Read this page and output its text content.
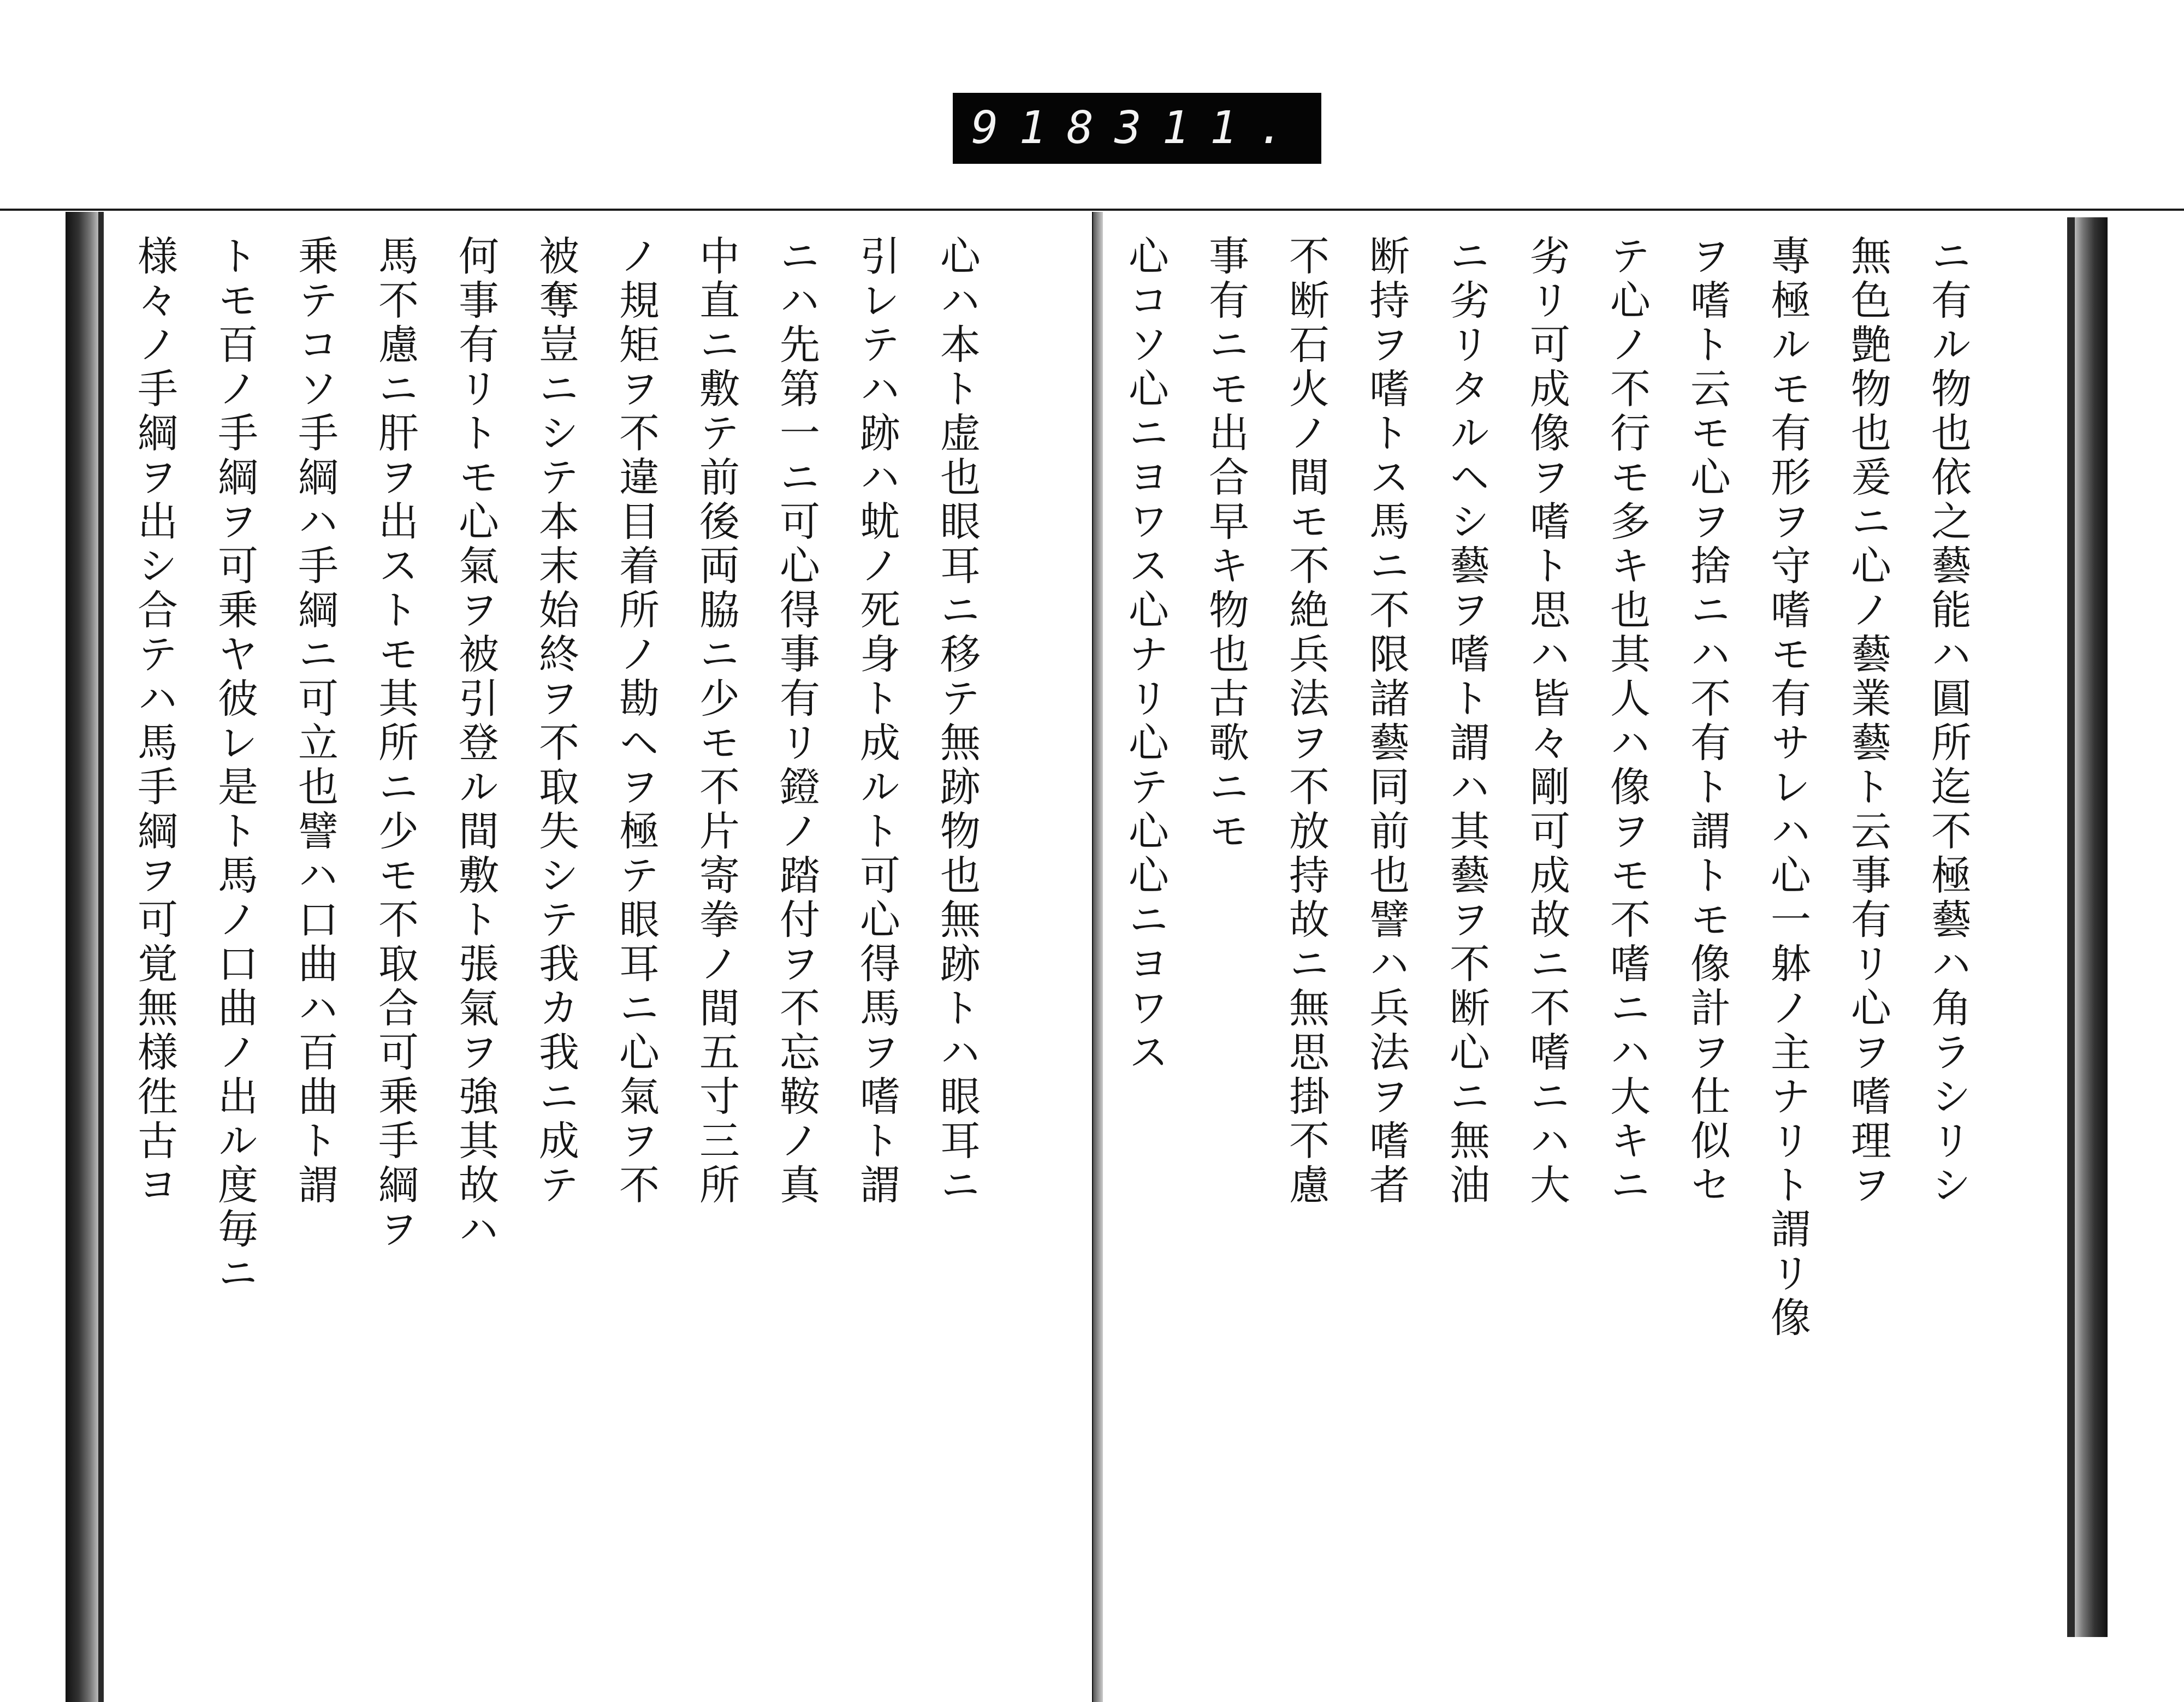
918 311.
ニ有ル物也依之藝能ハ圓所迄不極藝ハ角ラシリシ
無色艶物也爰ニ心ノ藝業藝ト云事有リ心ヲ嗜理ヲ
專極ルモ有形ヲ守嗜モ有サレハ心一躰ノ主ナリト謂リ像
ヲ嗜ト云モ心ヲ捨ニハ不有ト謂トモ像計ヲ仕似セ
テ心ノ不行モ多キ也其人ハ像ヲモ不嗜ニハ大キニ
劣リ可成像ヲ嗜ト思ハ皆々剛可成故ニ不嗜ニハ大
ニ劣リタルヘシ藝ヲ嗜ト謂ハ其藝ヲ不断心ニ無油
断持ヲ嗜トス馬ニ不限諸藝同前也譬ハ兵法ヲ嗜者
不断石火ノ間モ不絶兵法ヲ不放持故ニ無思掛不慮
事有ニモ出合早キ物也古歌ニモ
心コソ心ニヨワス心ナリ心テ心心ニヨワス
心ハ本ト虚也眼耳ニ移テ無跡物也無跡トハ眼耳ニ
引レテハ跡ハ蚘ノ死身ト成ルト可心得馬ヲ嗜ト謂
ニハ先第一ニ可心得事有リ鐙ノ踏付ヲ不忘鞍ノ真
中直ニ敷テ前後両脇ニ少モ不片寄拳ノ間五寸三所
ノ規矩ヲ不違目着所ノ勘ヘヲ極テ眼耳ニ心氣ヲ不
被奪豈ニシテ本末始終ヲ不取失シテ我カ我ニ成テ
何事有リトモ心氣ヲ被引登ル間敷ト張氣ヲ強其故ハ
馬不慮ニ肝ヲ出ストモ其所ニ少モ不取合可乗手綱ヲ
乗テコソ手綱ハ手綱ニ可立也譬ハ口曲ハ百曲ト謂
トモ百ノ手綱ヲ可乗ヤ彼レ是ト馬ノ口曲ノ出ル度毎ニ
様々ノ手綱ヲ出シ合テハ馬手綱ヲ可覚無様徃古ヨ
